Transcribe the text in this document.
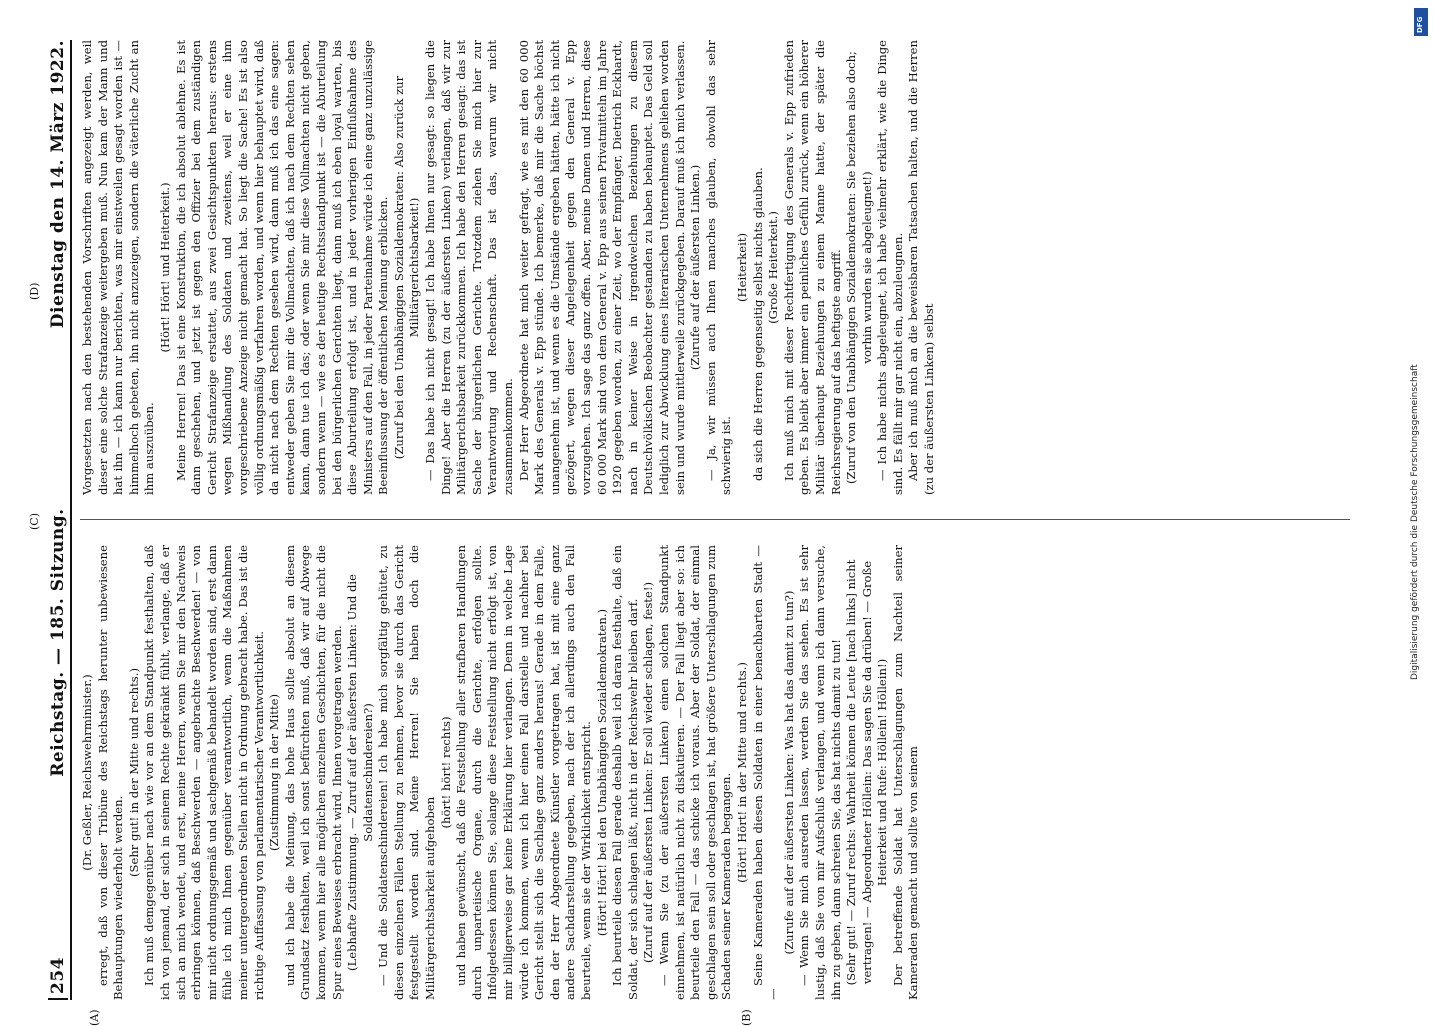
254
Reichstag. — 185. Sitzung.
Dienstag den 14. März 1922.

(Dr. Geßler, Reichswehrminister.) erregt, daß von dieser Tribüne des Reichstags herunter unbewiesene Behauptungen wiederholt werden.

(Sehr gut! in der Mitte und rechts.) Ich muß demgegenüber nach wie vor an dem Standpunkt festhalten, daß ich von jemand, der sich in seinem Rechte gekränkt fühlt, verlange, daß er sich an mich wendet, und erst, meine Herren, wenn Sie mir den Nachweis erbringen können, daß Beschwerden — angebrachte Beschwerden! — von mir nicht ordnungsgemäß und sachgemäß behandelt worden sind, erst dann fühle ich mich Ihnen gegenüber verantwortlich, wenn die Maßnahmen meiner untergeordneten Stellen nicht in Ordnung gebracht habe. Das ist die richtige Auffassung von parlamentarischer Verantwortlichkeit. (Zustimmung in der Mitte) und ich habe die Meinung, das hohe Haus sollte absolut an diesem Grundsatz festhalten, weil ich sonst befürchten muß, daß wir auf Abwege kommen, wenn hier alle möglichen einzelnen Geschichten, für die nicht die Spur eines Beweises erbracht wird, Ihnen vorgetragen werden. (Lebhafte Zustimmung. — Zuruf auf der äußersten Linken: Und die Soldatenschindereien?) — Und die Soldatenschindereien! Ich habe mich sorgfältig gehütet, zu diesen einzelnen Fällen Stellung zu nehmen, bevor sie durch das Gericht festgestellt worden sind. Meine Herren! Sie haben doch die Militärgerichtsbarkeit aufgehoben

(hört! hört! rechts) und haben gewünscht, daß die Feststellung aller strafbaren Handlungen durch unparteiische Organe, durch die Gerichte, erfolgen sollte. Infolgedessen können Sie, solange diese Feststellung nicht erfolgt ist, von mir billigerweise gar keine Erklärung hier verlangen. Denn in welche Lage würde ich kommen, wenn ich hier einen Fall darstelle und nachher bei Gericht stellt sich die Sachlage ganz anders heraus! Gerade in dem Falle, den der Herr Abgeordnete Künstler vorgetragen hat, ist mit eine ganz andere Sachdarstellung gegeben, nach der ich allerdings auch den Fall beurteile, wenn sie der Wirklichkeit entspricht. (Hört! Hört! bei den Unabhängigen Sozialdemokraten.) Ich beurteile diesen Fall gerade deshalb weil ich daran festhalte, daß ein Soldat, der sich schlagen läßt, nicht in der Reichswehr bleiben darf. (Zuruf auf der äußersten Linken: Er soll wieder schlagen, feste!) — Wenn Sie (zu der äußersten Linken) einen solchen Standpunkt einnehmen, ist natürlich nicht zu diskutieren. — Der Fall liegt aber so: ich beurteile den Fall — das schicke ich voraus. Aber der Soldat, der einmal geschlagen sein soll oder geschlagen ist, hat größere Unterschlagungen zum Schaden seiner Kameraden begangen.

(Hört! Hört! in der Mitte und rechts.) Seine Kameraden haben diesen Soldaten in einer benachbarten Stadt — —

(Zurufe auf der äußersten Linken: Was hat das damit zu tun?) — Wenn Sie mich ausreden lassen, werden Sie das sehen. Es ist sehr lustig, daß Sie von mir Aufschluß verlangen, und wenn ich dann versuche, ihn zu geben, dann schreien Sie, das hat nichts damit zu tun! (Sehr gut! — Zuruf rechts: Wahrheit können die Leute [nach links] nicht vertragen! — Abgeordneter Höllein: Das sagen Sie da drüben! — Große Heiterkeit und Rufe: Höllein! Höllein!) Der betreffende Soldat hat Unterschlagungen zum Nachteil seiner Kameraden gemacht und sollte von seinem

Vorgesetzten nach den bestehenden Vorschriften angezeigt werden, weil dieser eine solche Strafanzeige weitergeben muß. Nun kam der Mann und hat ihn — ich kann nur berichten, was mir einstweilen gesagt worden ist — himmelhoch gebeten, ihn nicht anzuzeigen, sondern die väterliche Zucht an ihm auszuüben.

(Hört! Hört! und Heiterkeit.) Meine Herren! Das ist eine Konstruktion, die ich absolut ablehne. Es ist dann geschehen, und jetzt ist gegen den Offizier bei dem zuständigen Gericht Strafanzeige erstattet, aus zwei Gesichtspunkten heraus: erstens wegen Mißhandlung des Soldaten und zweitens, weil er eine ihm vorgeschriebene Anzeige nicht gemacht hat. So liegt die Sache! Es ist also völlig ordnungsmäßig verfahren worden, und wenn hier behauptet wird, daß da nicht nach dem Rechten gesehen wird, dann muß ich das eine sagen: entweder geben Sie mir die Vollmachten, daß ich nach dem Rechten sehen kann, dann tue ich das; oder wenn Sie mir diese Vollmachten nicht geben, sondern wenn — wie es der heutige Rechtsstandpunkt ist — die Aburteilung bei den bürgerlichen Gerichten liegt, dann muß ich eben loyal warten, bis diese Aburteilung erfolgt ist, und in jeder vorherigen Einflußnahme des Ministers auf den Fall, in jeder Parteinahme würde ich eine ganz unzulässige Beeinflussung der öffentlichen Meinung erblicken. (Zuruf bei den Unabhängigen Sozialdemokraten: Also zurück zur Militärgerichtsbarkeit!) — Das habe ich nicht gesagt! Ich habe Ihnen nur gesagt: so liegen die Dinge! Aber die Herren (zu der äußersten Linken) verlangen, daß wir zur Militärgerichtsbarkeit zurückkommen. Ich habe den Herren gesagt: das ist Sache der bürgerlichen Gerichte. Trotzdem ziehen Sie mich hier zur Verantwortung und Rechenschaft. Das ist das, warum wir nicht zusammenkommen. Der Herr Abgeordnete hat mich weiter gefragt, wie es mit den 60 000 Mark des Generals v. Epp stünde. Ich bemerke, daß mir die Sache höchst unangenehm ist, und wenn es die Umstände ergeben hätten, hätte ich nicht gezögert, wegen dieser Angelegenheit gegen den General v. Epp vorzugehen. Ich sage das ganz offen. Aber, meine Damen und Herren, diese 60 000 Mark sind von dem General v. Epp aus seinen Privatmitteln im Jahre 1920 gegeben worden, zu einer Zeit, wo der Empfänger, Dietrich Eckhardt, nach in keiner Weise in irgendwelchen Beziehungen zu diesem Deutschvölkischen Beobachter gestanden zu haben behauptet. Das Geld soll lediglich zur Abwicklung eines literarischen Unternehmens geliehen worden sein und wurde mittlerweile zurückgegeben. Darauf muß ich mich verlassen. (Zurufe auf der äußersten Linken.) — Ja, wir müssen auch Ihnen manches glauben, obwohl das sehr schwierig ist.

(Heiterkeit) da sich die Herren gegenseitig selbst nichts glauben. (Große Heiterkeit.) Ich muß mich mit dieser Rechtfertigung des Generals v. Epp zufrieden geben. Es bleibt aber immer ein peinliches Gefühl zurück, wenn ein höherer Militär überhaupt Beziehungen zu einem Manne hatte, der später die Reichsregierung auf das heftigste angriff. (Zuruf von den Unabhängigen Sozialdemokraten: Sie beziehen also doch; vorhin wurden sie abgeleugnet!) — Ich habe nichts abgeleugnet, ich habe vielmehr erklärt, wie die Dinge sind. Es fällt mir gar nicht ein, abzuleugnen. Aber ich muß mich an die beweisbaren Tatsachen halten, und die Herren (zu der äußersten Linken) selbst

(A)	(B)
(C)
(D)
Digitalisierung gefördert durch die Deutsche Forschungsgemeinschaft
DFG
